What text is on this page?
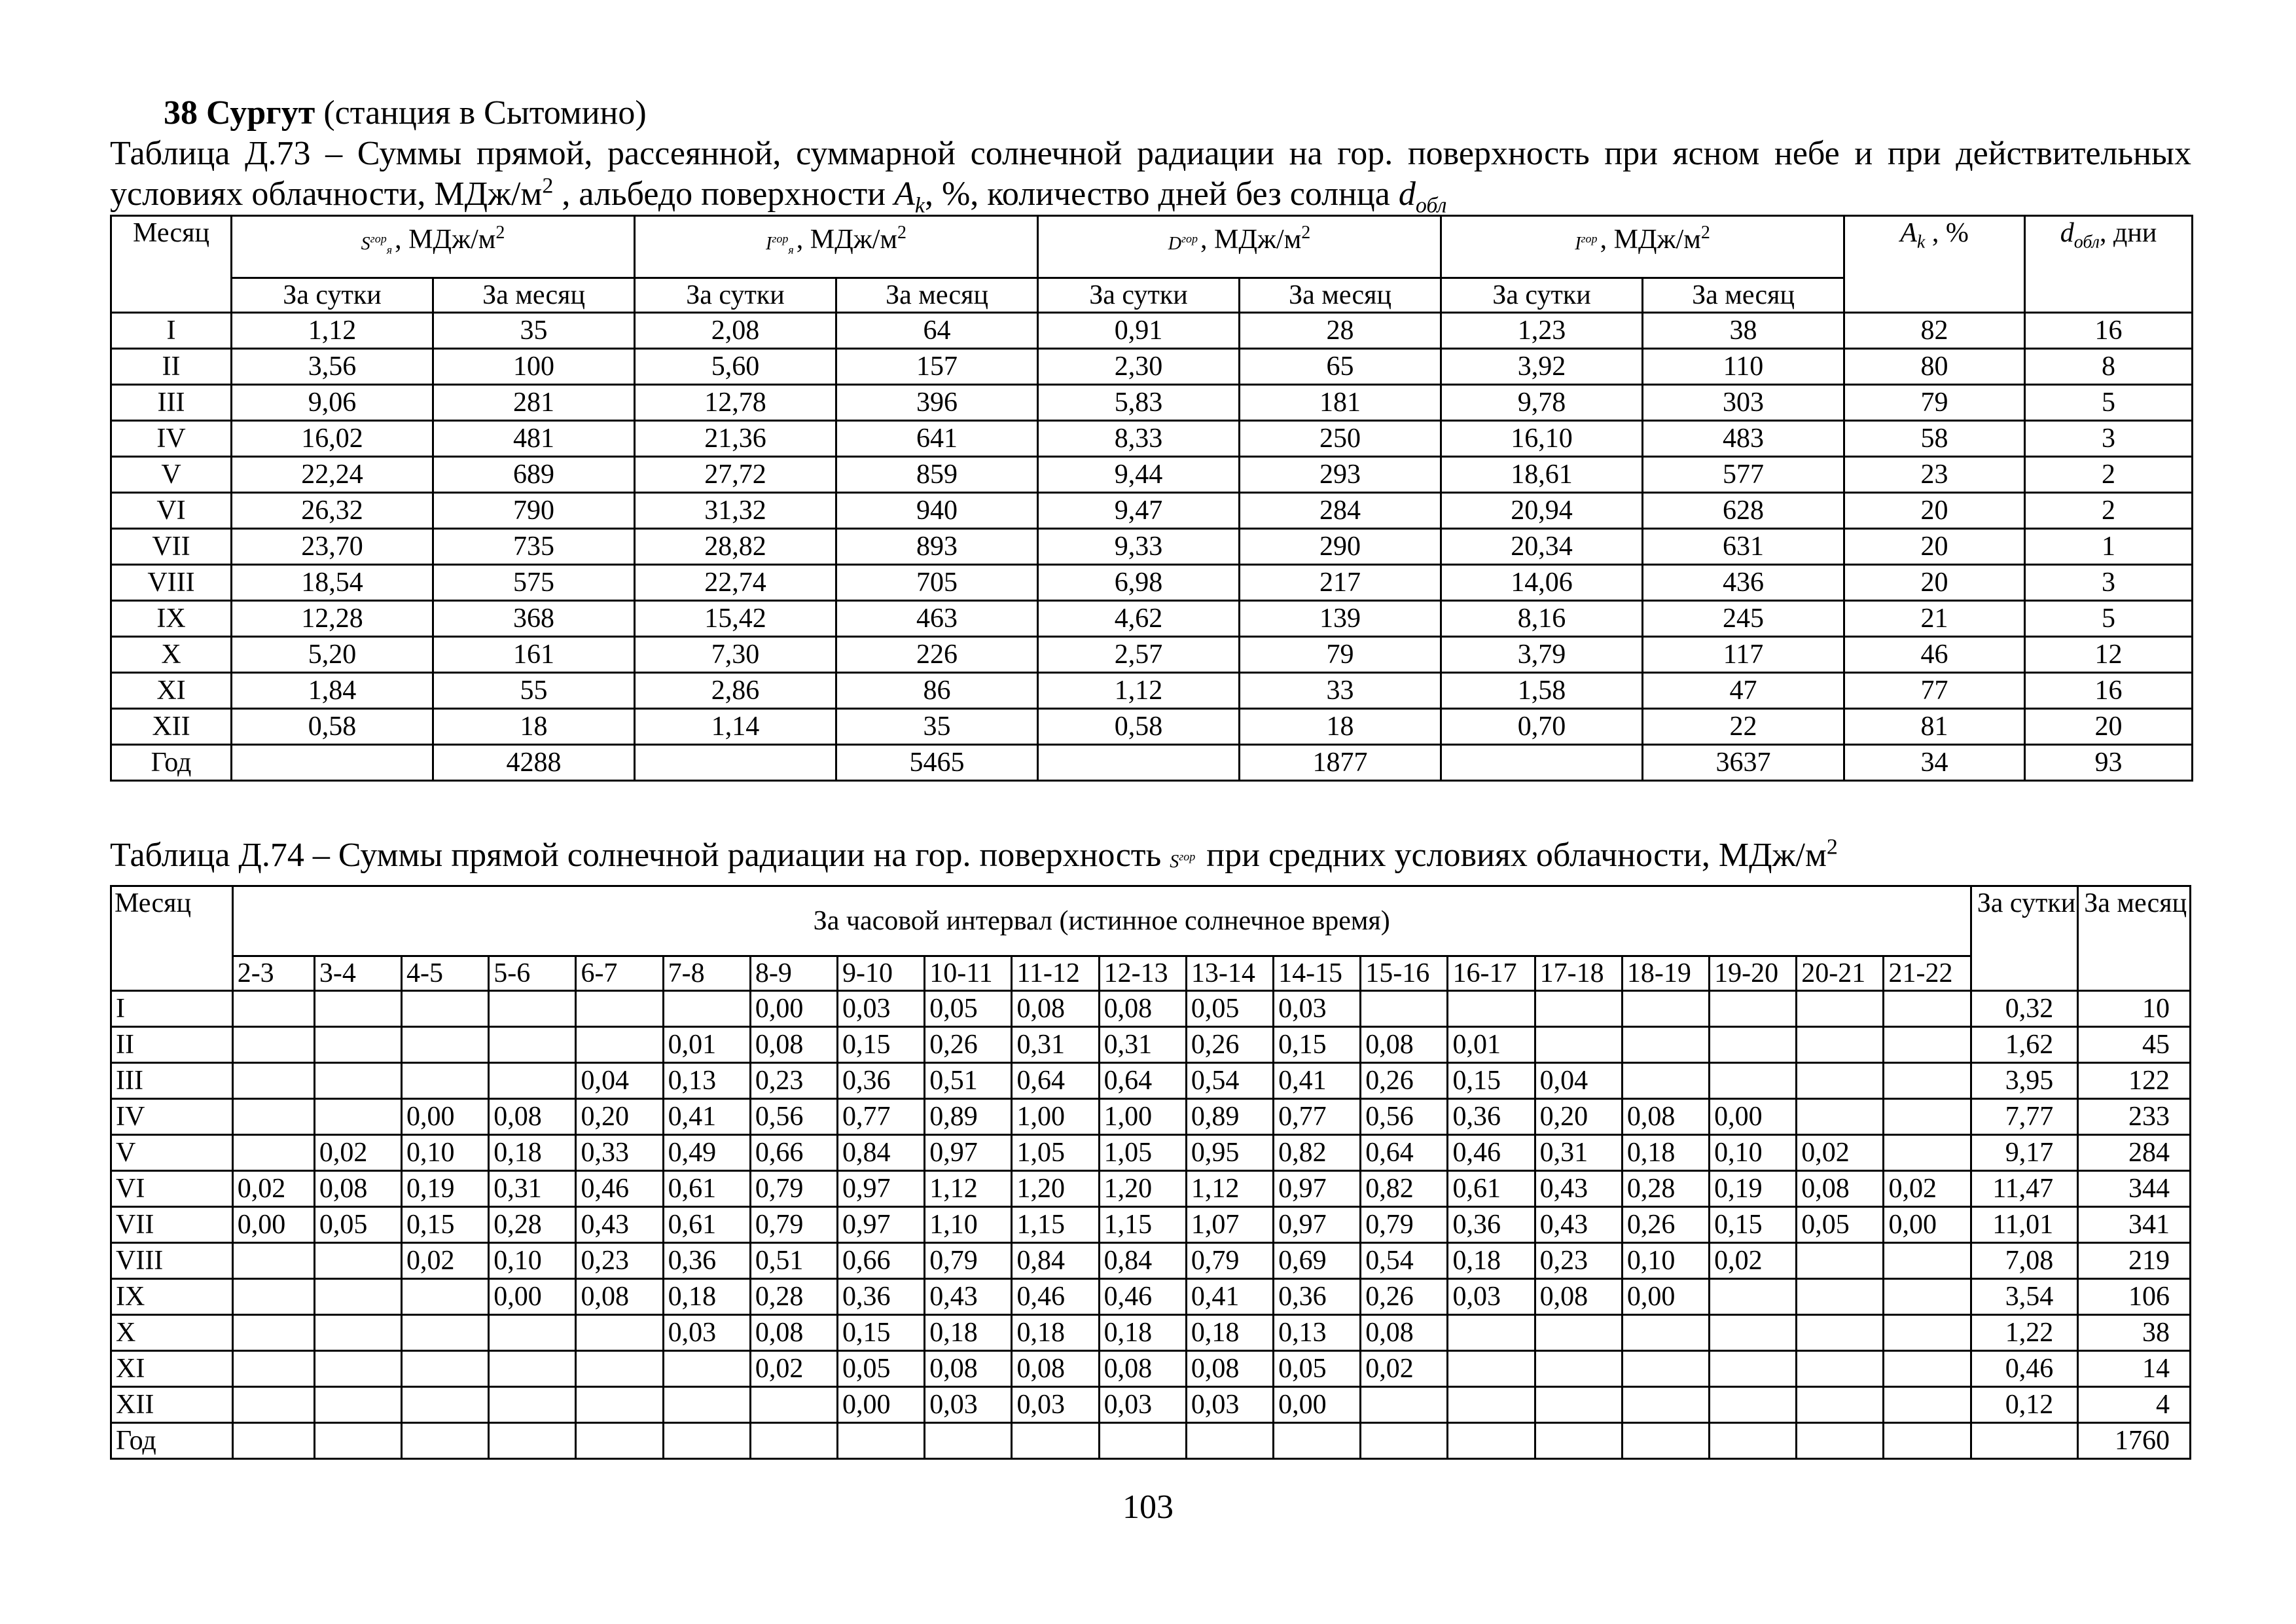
38 Сургут (станция в Сытомино)
Таблица Д.73 – Суммы прямой, рассеянной, суммарной солнечной радиации на гор. поверхность при ясном небе и при действительных условиях облачности, МДж/$м^2$ , альбедо поверхности $A_k$, %, количество дней без солнца $d_{обл}$
Месяц	$S^{гор}_я$, МДж/$м^2$		$I^{гор}_я$, МДж/$м^2$		$D^{гор}$, МДж/$м^2$		$I^{гор}$, МДж/$м^2$		$A_k$ , %	$d_{обл}$, дни
	За сутки	За месяц	За сутки	За месяц	За сутки	За месяц	За сутки	За месяц		
I	1,12	35	2,08	64	0,91	28	1,23	38	82	16
II	3,56	100	5,60	157	2,30	65	3,92	110	80	8
III	9,06	281	12,78	396	5,83	181	9,78	303	79	5
IV	16,02	481	21,36	641	8,33	250	16,10	483	58	3
V	22,24	689	27,72	859	9,44	293	18,61	577	23	2
VI	26,32	790	31,32	940	9,47	284	20,94	628	20	2
VII	23,70	735	28,82	893	9,33	290	20,34	631	20	1
VIII	18,54	575	22,74	705	6,98	217	14,06	436	20	3
IX	12,28	368	15,42	463	4,62	139	8,16	245	21	5
X	5,20	161	7,30	226	2,57	79	3,79	117	46	12
XI	1,84	55	2,86	86	1,12	33	1,58	47	77	16
XII	0,58	18	1,14	35	0,58	18	0,70	22	81	20
Год		4288		5465		1877		3637	34	93
Таблица Д.74 – Суммы прямой солнечной радиации на гор. поверхность $S^{гор}$ при средних условиях облачности, МДж/$м^2$
Месяц	За часовой интервал (истинное солнечное время)																				За сутки	За месяц
	2-3	3-4	4-5	5-6	6-7	7-8	8-9	9-10	10-11	11-12	12-13	13-14	14-15	15-16	16-17	17-18	18-19	19-20	20-21	21-22		
I							0,00	0,03	0,05	0,08	0,08	0,05	0,03								0,32	10
II						0,01	0,08	0,15	0,26	0,31	0,31	0,26	0,15	0,08	0,01						1,62	45
III					0,04	0,13	0,23	0,36	0,51	0,64	0,64	0,54	0,41	0,26	0,15	0,04					3,95	122
IV			0,00	0,08	0,20	0,41	0,56	0,77	0,89	1,00	1,00	0,89	0,77	0,56	0,36	0,20	0,08	0,00			7,77	233
V		0,02	0,10	0,18	0,33	0,49	0,66	0,84	0,97	1,05	1,05	0,95	0,82	0,64	0,46	0,31	0,18	0,10	0,02		9,17	284
VI	0,02	0,08	0,19	0,31	0,46	0,61	0,79	0,97	1,12	1,20	1,20	1,12	0,97	0,82	0,61	0,43	0,28	0,19	0,08	0,02	11,47	344
VII	0,00	0,05	0,15	0,28	0,43	0,61	0,79	0,97	1,10	1,15	1,15	1,07	0,97	0,79	0,36	0,43	0,26	0,15	0,05	0,00	11,01	341
VIII			0,02	0,10	0,23	0,36	0,51	0,66	0,79	0,84	0,84	0,79	0,69	0,54	0,18	0,23	0,10	0,02			7,08	219
IX				0,00	0,08	0,18	0,28	0,36	0,43	0,46	0,46	0,41	0,36	0,26	0,03	0,08	0,00				3,54	106
X						0,03	0,08	0,15	0,18	0,18	0,18	0,18	0,13	0,08							1,22	38
XI							0,02	0,05	0,08	0,08	0,08	0,08	0,05	0,02							0,46	14
XII								0,00	0,03	0,03	0,03	0,03	0,00								0,12	4
Год																						1760
103
